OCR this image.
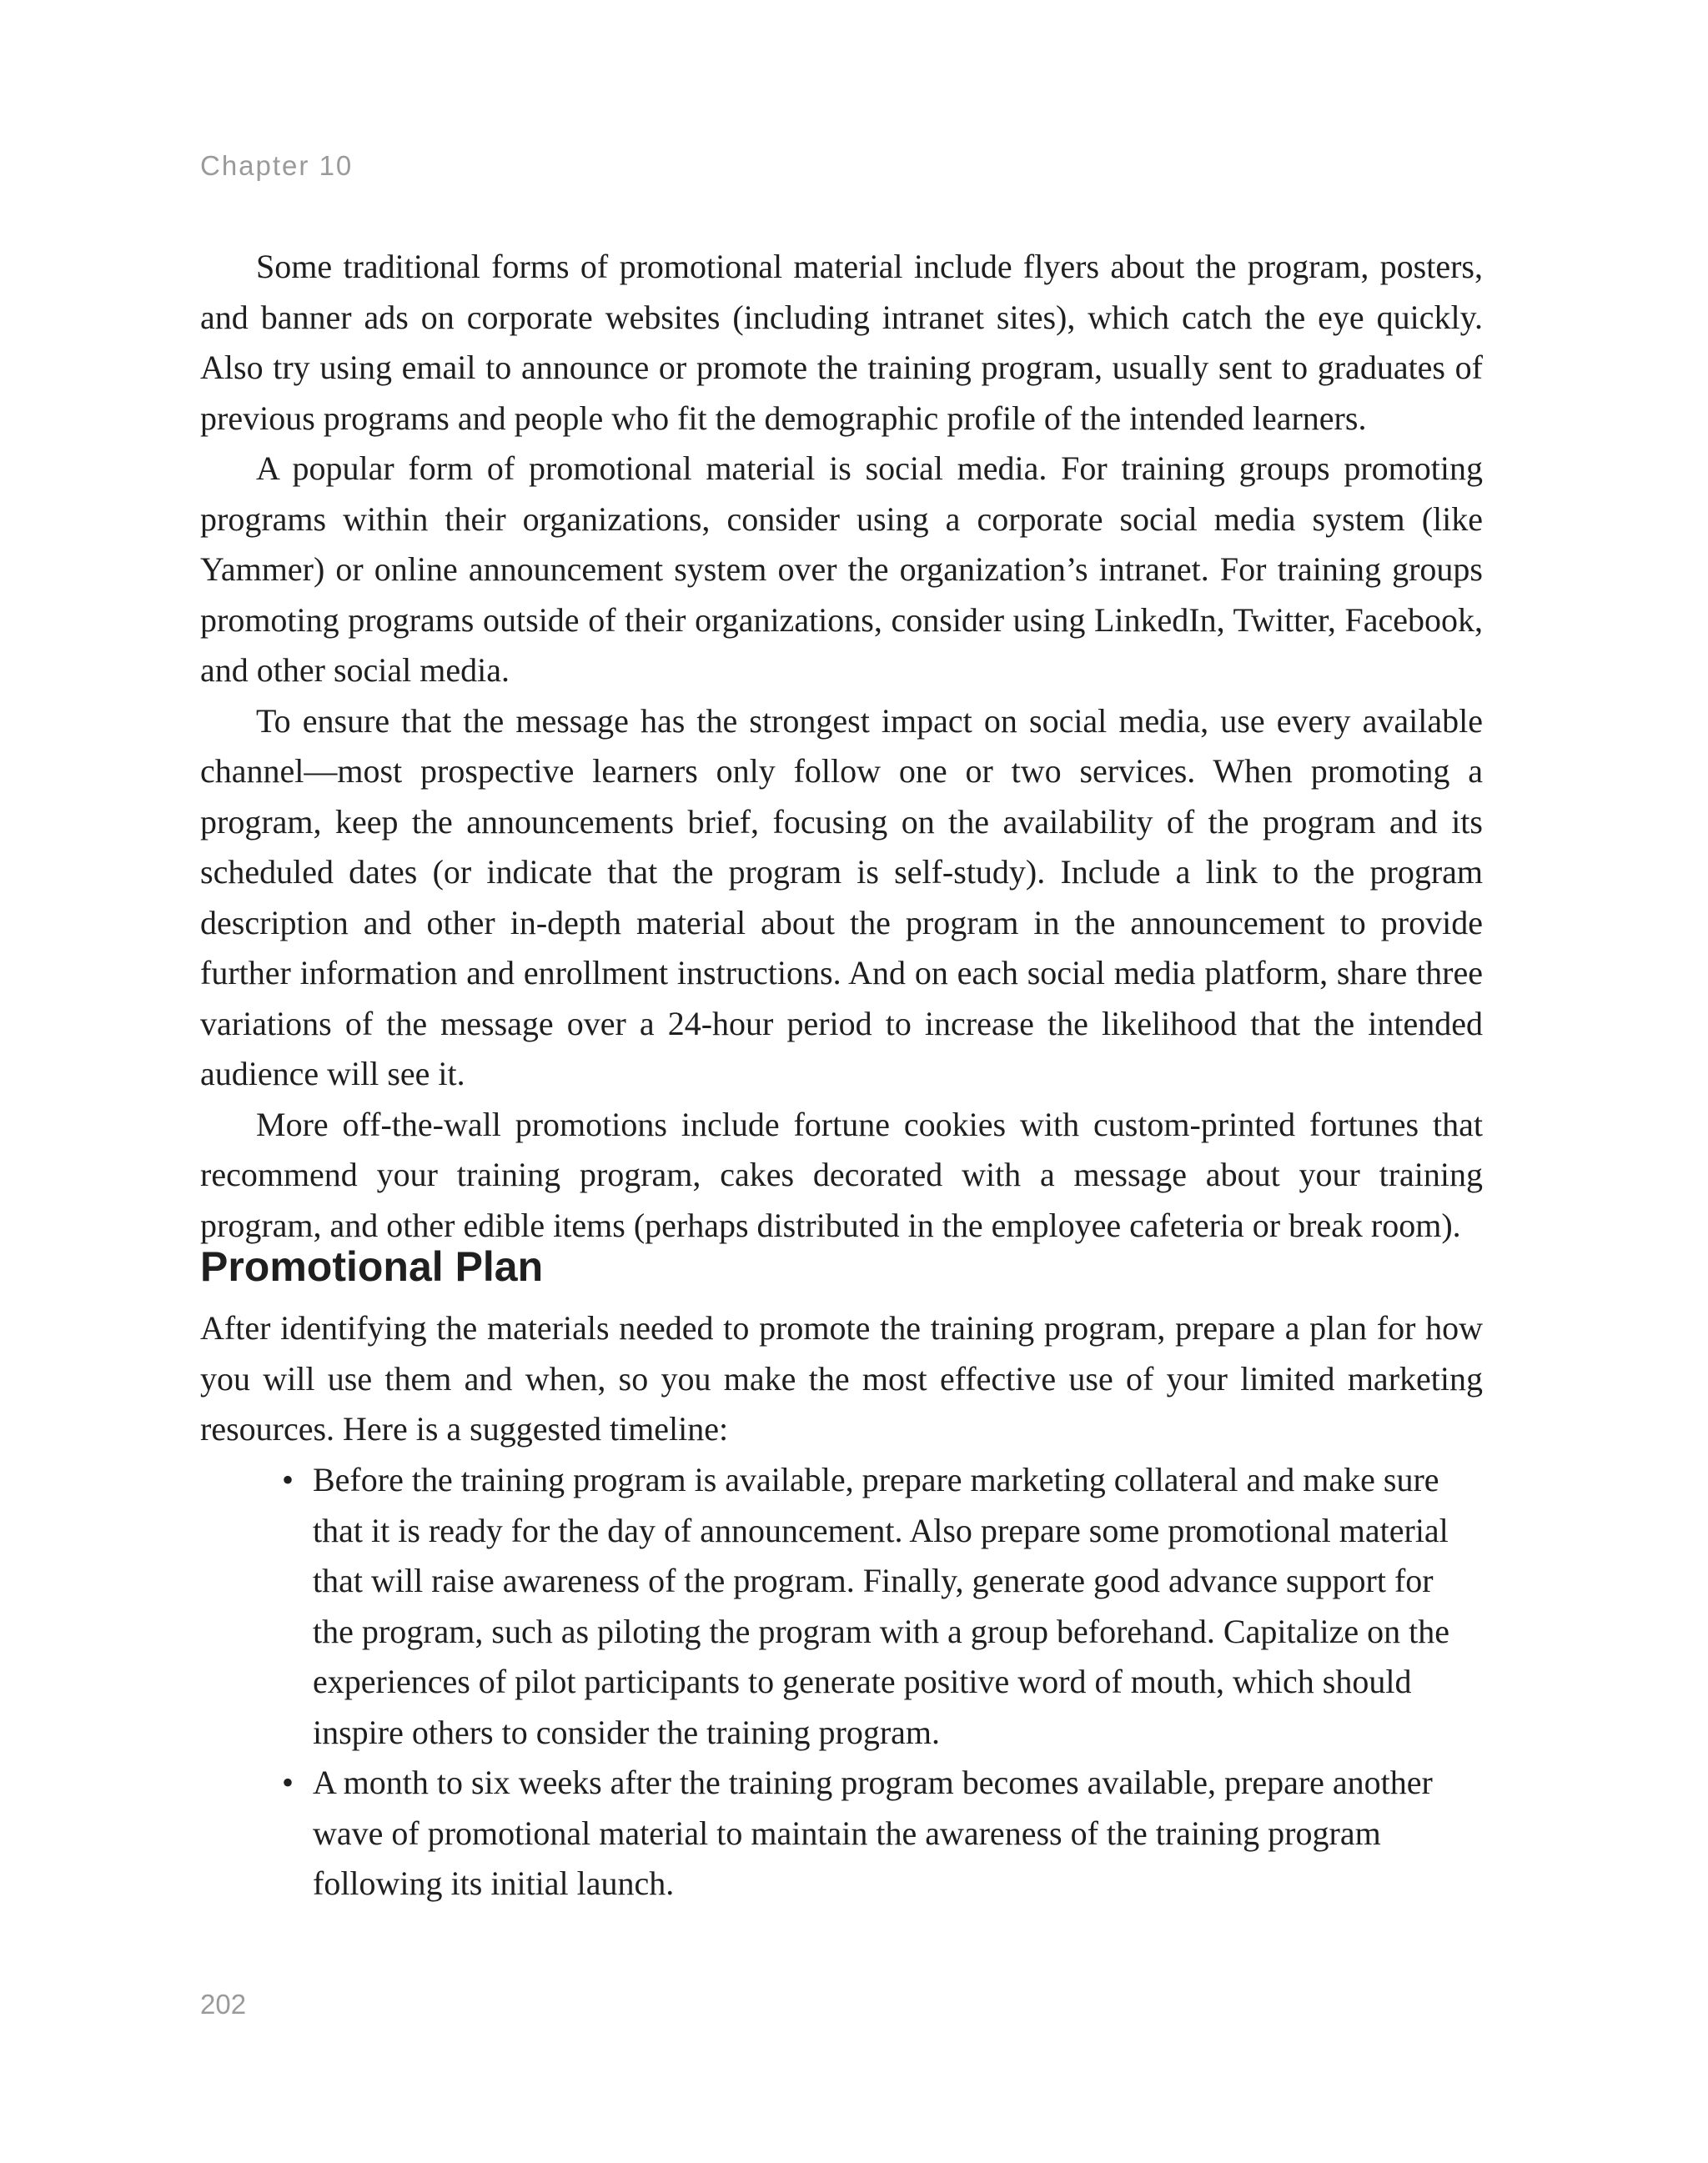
Chapter 10

Some traditional forms of promotional material include flyers about the program, posters, and banner ads on corporate websites (including intranet sites), which catch the eye quickly. Also try using email to announce or promote the training program, usually sent to graduates of previous programs and people who fit the demographic profile of the intended learners.

A popular form of promotional material is social media. For training groups promoting programs within their organizations, consider using a corporate social media system (like Yammer) or online announcement system over the organization’s intranet. For training groups promoting programs outside of their organizations, consider using LinkedIn, Twitter, Facebook, and other social media.

To ensure that the message has the strongest impact on social media, use every available channel—most prospective learners only follow one or two services. When promoting a program, keep the announcements brief, focusing on the availability of the program and its scheduled dates (or indicate that the program is self-study). Include a link to the program description and other in-depth material about the program in the announcement to provide further information and enrollment instructions. And on each social media platform, share three variations of the message over a 24-hour period to increase the likelihood that the intended audience will see it.

More off-the-wall promotions include fortune cookies with custom-printed fortunes that recommend your training program, cakes decorated with a message about your training program, and other edible items (perhaps distributed in the employee cafeteria or break room).

Promotional Plan

After identifying the materials needed to promote the training program, prepare a plan for how you will use them and when, so you make the most effective use of your limited marketing resources. Here is a suggested timeline:

• Before the training program is available, prepare marketing collateral and make sure that it is ready for the day of announcement. Also prepare some promotional material that will raise awareness of the program. Finally, generate good advance support for the program, such as piloting the program with a group beforehand. Capitalize on the experiences of pilot participants to generate positive word of mouth, which should inspire others to consider the training program.
• A month to six weeks after the training program becomes available, prepare another wave of promotional material to maintain the awareness of the training program following its initial launch.
202
